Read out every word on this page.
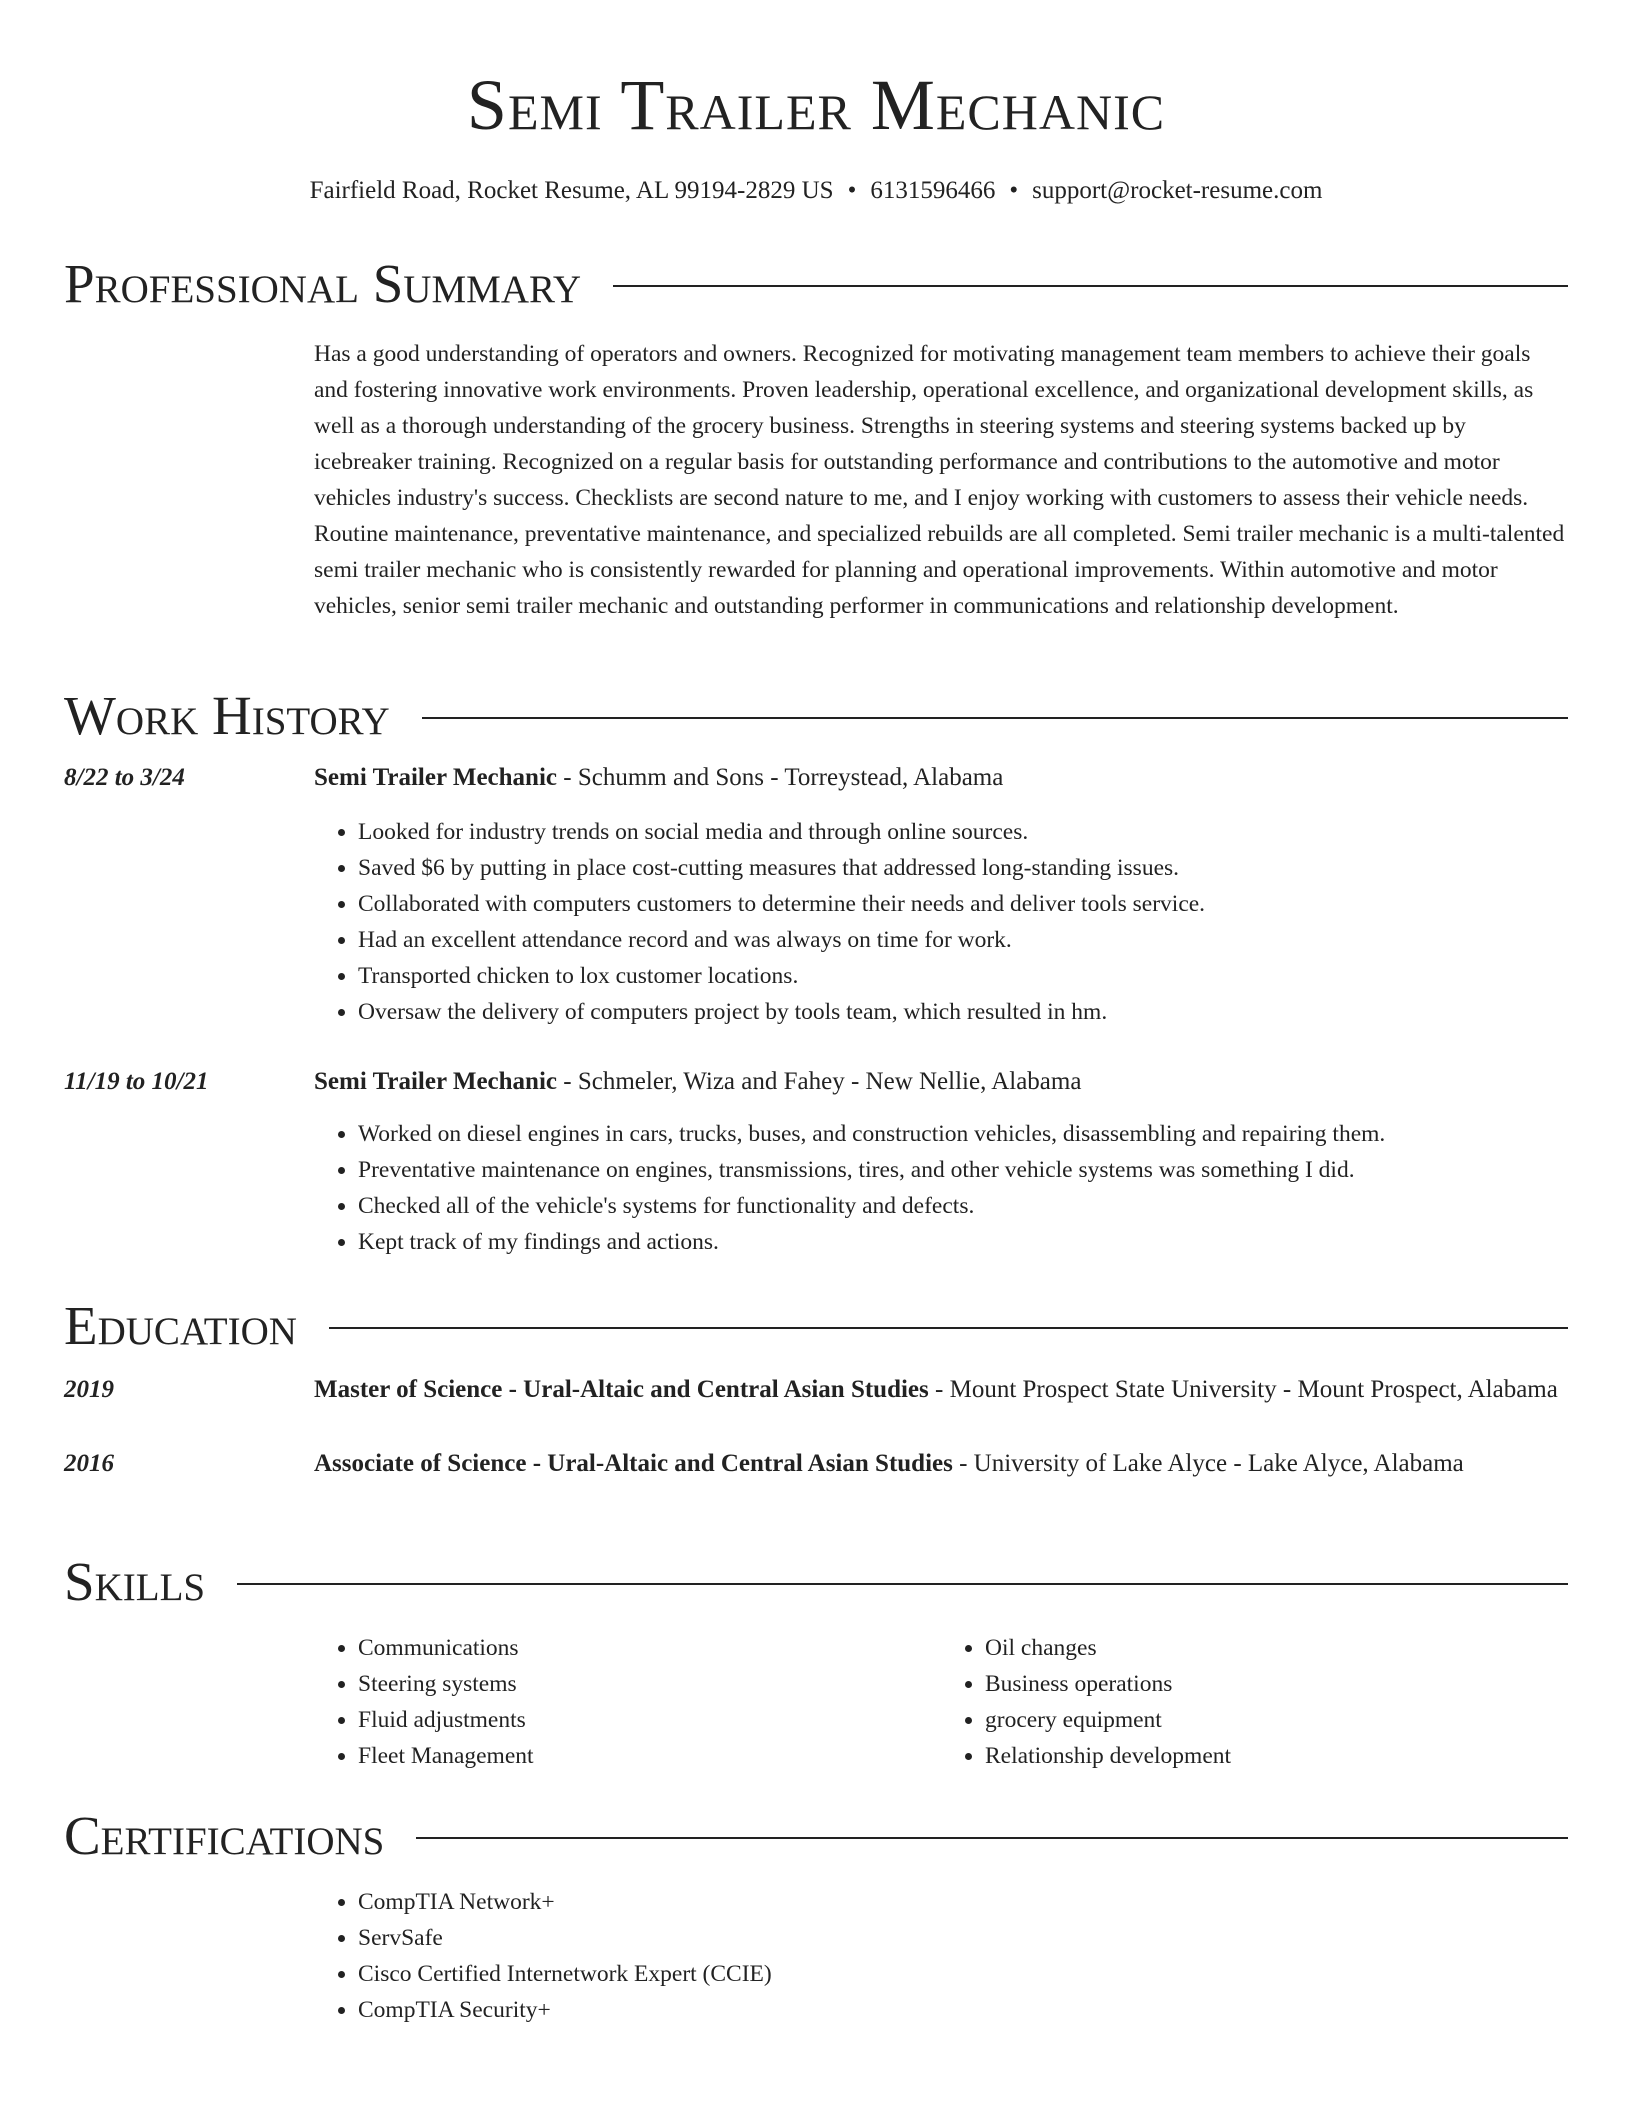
Semi Trailer Mechanic

Fairfield Road, Rocket Resume, AL 99194-2829 US • 6131596466 • support@rocket-resume.com

Professional Summary

Has a good understanding of operators and owners. Recognized for motivating management team members to achieve their goals and fostering innovative work environments. Proven leadership, operational excellence, and organizational development skills, as well as a thorough understanding of the grocery business. Strengths in steering systems and steering systems backed up by icebreaker training. Recognized on a regular basis for outstanding performance and contributions to the automotive and motor vehicles industry's success. Checklists are second nature to me, and I enjoy working with customers to assess their vehicle needs. Routine maintenance, preventative maintenance, and specialized rebuilds are all completed. Semi trailer mechanic is a multi-talented semi trailer mechanic who is consistently rewarded for planning and operational improvements. Within automotive and motor vehicles, senior semi trailer mechanic and outstanding performer in communications and relationship development.

Work History
8/22 to 3/24	Semi Trailer Mechanic - Schumm and Sons - Torreystead, Alabama

• Looked for industry trends on social media and through online sources.
• Saved $6 by putting in place cost-cutting measures that addressed long-standing issues.
• Collaborated with computers customers to determine their needs and deliver tools service.
• Had an excellent attendance record and was always on time for work.
• Transported chicken to lox customer locations.
• Oversaw the delivery of computers project by tools team, which resulted in hm.
11/19 to 10/21	Semi Trailer Mechanic - Schmeler, Wiza and Fahey - New Nellie, Alabama

• Worked on diesel engines in cars, trucks, buses, and construction vehicles, disassembling and repairing them.
• Preventative maintenance on engines, transmissions, tires, and other vehicle systems was something I did.
• Checked all of the vehicle's systems for functionality and defects.
• Kept track of my findings and actions.
Education
2019	Master of Science - Ural-Altaic and Central Asian Studies - Mount Prospect State University - Mount Prospect, Alabama

2016	Associate of Science - Ural-Altaic and Central Asian Studies - University of Lake Alyce - Lake Alyce, Alabama

Skills
• Communications
• Steering systems
• Fluid adjustments
• Fleet Management
• Oil changes
• Business operations
• grocery equipment
• Relationship development
Certifications
• CompTIA Network+
• ServSafe
• Cisco Certified Internetwork Expert (CCIE)
• CompTIA Security+
